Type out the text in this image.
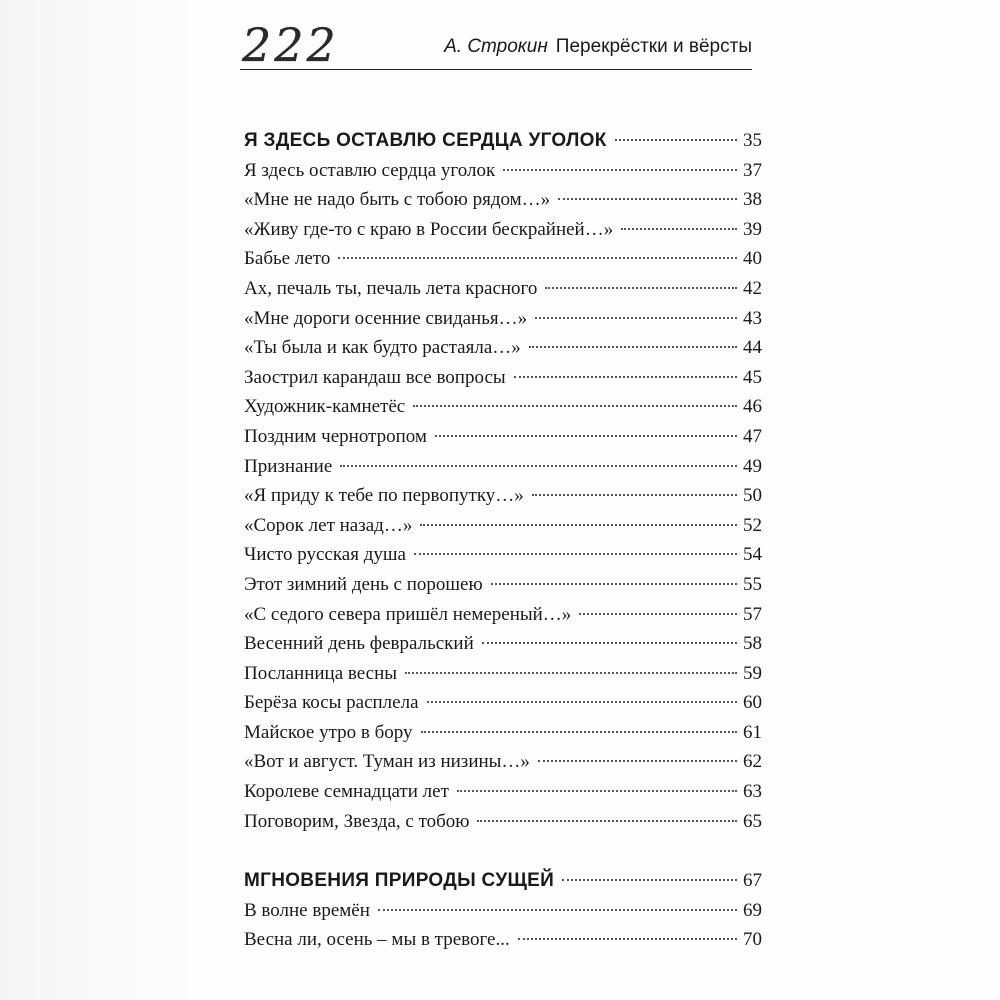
222	А. Строкин Перекрёстки и вёрсты
Я ЗДЕСЬ ОСТАВЛЮ СЕРДЦА УГОЛОК	35
Я здесь оставлю сердца уголок	37
«Мне не надо быть с тобою рядом…»	38
«Живу где-то с краю в России бескрайней…»	39
Бабье лето	40
Ах, печаль ты, печаль лета красного	42
«Мне дороги осенние свиданья…»	43
«Ты была и как будто растаяла…»	44
Заострил карандаш все вопросы	45
Художник-камнетёс	46
Поздним чернотропом	47
Признание	49
«Я приду к тебе по первопутку…»	50
«Сорок лет назад…»	52
Чисто русская душа	54
Этот зимний день с порошею	55
«С седого севера пришёл немереный…»	57
Весенний день февральский	58
Посланница весны	59
Берёза косы расплела	60
Майское утро в бору	61
«Вот и август. Туман из низины…»	62
Королеве семнадцати лет	63
Поговорим, Звезда, с тобою	65
МГНОВЕНИЯ ПРИРОДЫ СУЩЕЙ	67
В волне времён	69
Весна ли, осень – мы в тревоге...	70
